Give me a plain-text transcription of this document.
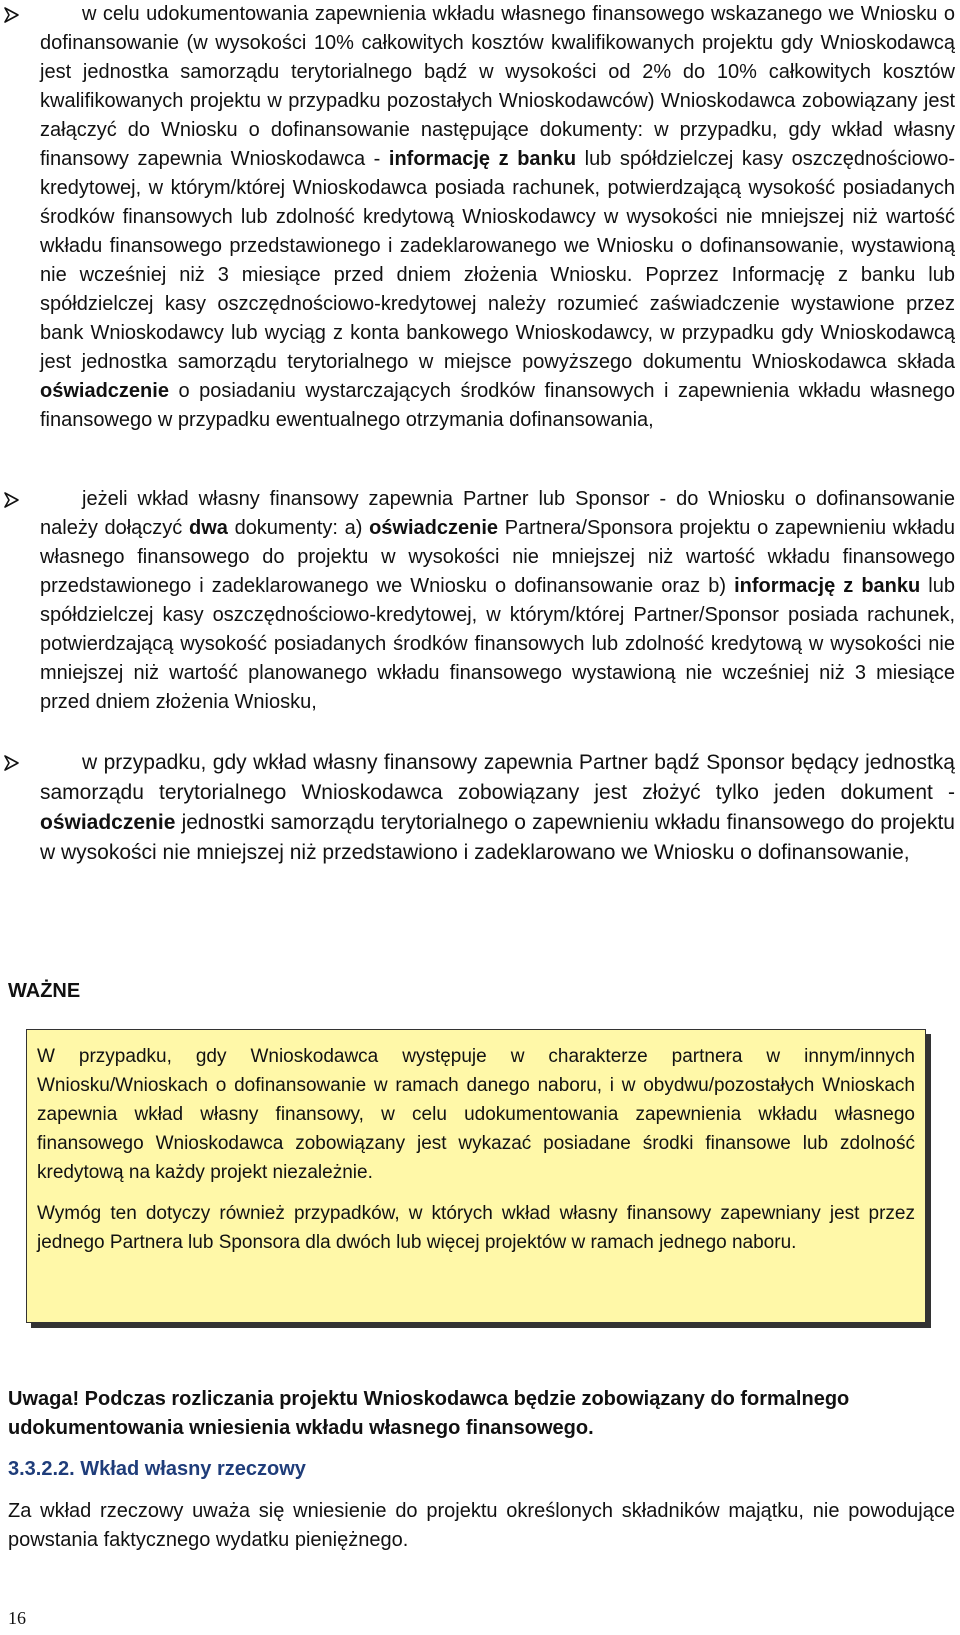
w celu udokumentowania zapewnienia wkładu własnego finansowego wskazanego we Wniosku o dofinansowanie (w wysokości 10% całkowitych kosztów kwalifikowanych projektu gdy Wnioskodawcą jest jednostka samorządu terytorialnego bądź w wysokości od 2% do 10% całkowitych kosztów kwalifikowanych projektu w przypadku pozostałych Wnioskodawców) Wnioskodawca zobowiązany jest załączyć do Wniosku o dofinansowanie następujące dokumenty: w przypadku, gdy wkład własny finansowy zapewnia Wnioskodawca - informację z banku lub spółdzielczej kasy oszczędnościowo-kredytowej, w którym/której Wnioskodawca posiada rachunek, potwierdzającą wysokość posiadanych środków finansowych lub zdolność kredytową Wnioskodawcy w wysokości nie mniejszej niż wartość wkładu finansowego przedstawionego i zadeklarowanego we Wniosku o dofinansowanie, wystawioną nie wcześniej niż 3 miesiące przed dniem złożenia Wniosku. Poprzez Informację z banku lub spółdzielczej kasy oszczędnościowo-kredytowej należy rozumieć zaświadczenie wystawione przez bank Wnioskodawcy lub wyciąg z konta bankowego Wnioskodawcy, w przypadku gdy Wnioskodawcą jest jednostka samorządu terytorialnego w miejsce powyższego dokumentu Wnioskodawca składa oświadczenie o posiadaniu wystarczających środków finansowych i zapewnienia wkładu własnego finansowego w przypadku ewentualnego otrzymania dofinansowania,
jeżeli wkład własny finansowy zapewnia Partner lub Sponsor - do Wniosku o dofinansowanie należy dołączyć dwa dokumenty: a) oświadczenie Partnera/Sponsora projektu o zapewnieniu wkładu własnego finansowego do projektu w wysokości nie mniejszej niż wartość wkładu finansowego przedstawionego i zadeklarowanego we Wniosku o dofinansowanie oraz b) informację z banku lub spółdzielczej kasy oszczędnościowo-kredytowej, w którym/której Partner/Sponsor posiada rachunek, potwierdzającą wysokość posiadanych środków finansowych lub zdolność kredytową w wysokości nie mniejszej niż wartość planowanego wkładu finansowego wystawioną nie wcześniej niż 3 miesiące przed dniem złożenia Wniosku,
w przypadku, gdy wkład własny finansowy zapewnia Partner bądź Sponsor będący jednostką samorządu terytorialnego Wnioskodawca zobowiązany jest złożyć tylko jeden dokument - oświadczenie jednostki samorządu terytorialnego o zapewnieniu wkładu finansowego do projektu w wysokości nie mniejszej niż przedstawiono i zadeklarowano we Wniosku o dofinansowanie,

WAŻNE

W przypadku, gdy Wnioskodawca występuje w charakterze partnera w innym/innych Wniosku/Wnioskach o dofinansowanie w ramach danego naboru, i w obydwu/pozostałych Wnioskach zapewnia wkład własny finansowy, w celu udokumentowania zapewnienia wkładu własnego finansowego Wnioskodawca zobowiązany jest wykazać posiadane środki finansowe lub zdolność kredytową na każdy projekt niezależnie.

Wymóg ten dotyczy również przypadków, w których wkład własny finansowy zapewniany jest przez jednego Partnera lub Sponsora dla dwóch lub więcej projektów w ramach jednego naboru.

Uwaga! Podczas rozliczania projektu Wnioskodawca będzie zobowiązany do formalnego udokumentowania wniesienia wkładu własnego finansowego.

3.3.2.2. Wkład własny rzeczowy

Za wkład rzeczowy uważa się wniesienie do projektu określonych składników majątku, nie powodujące powstania faktycznego wydatku pieniężnego.

16
